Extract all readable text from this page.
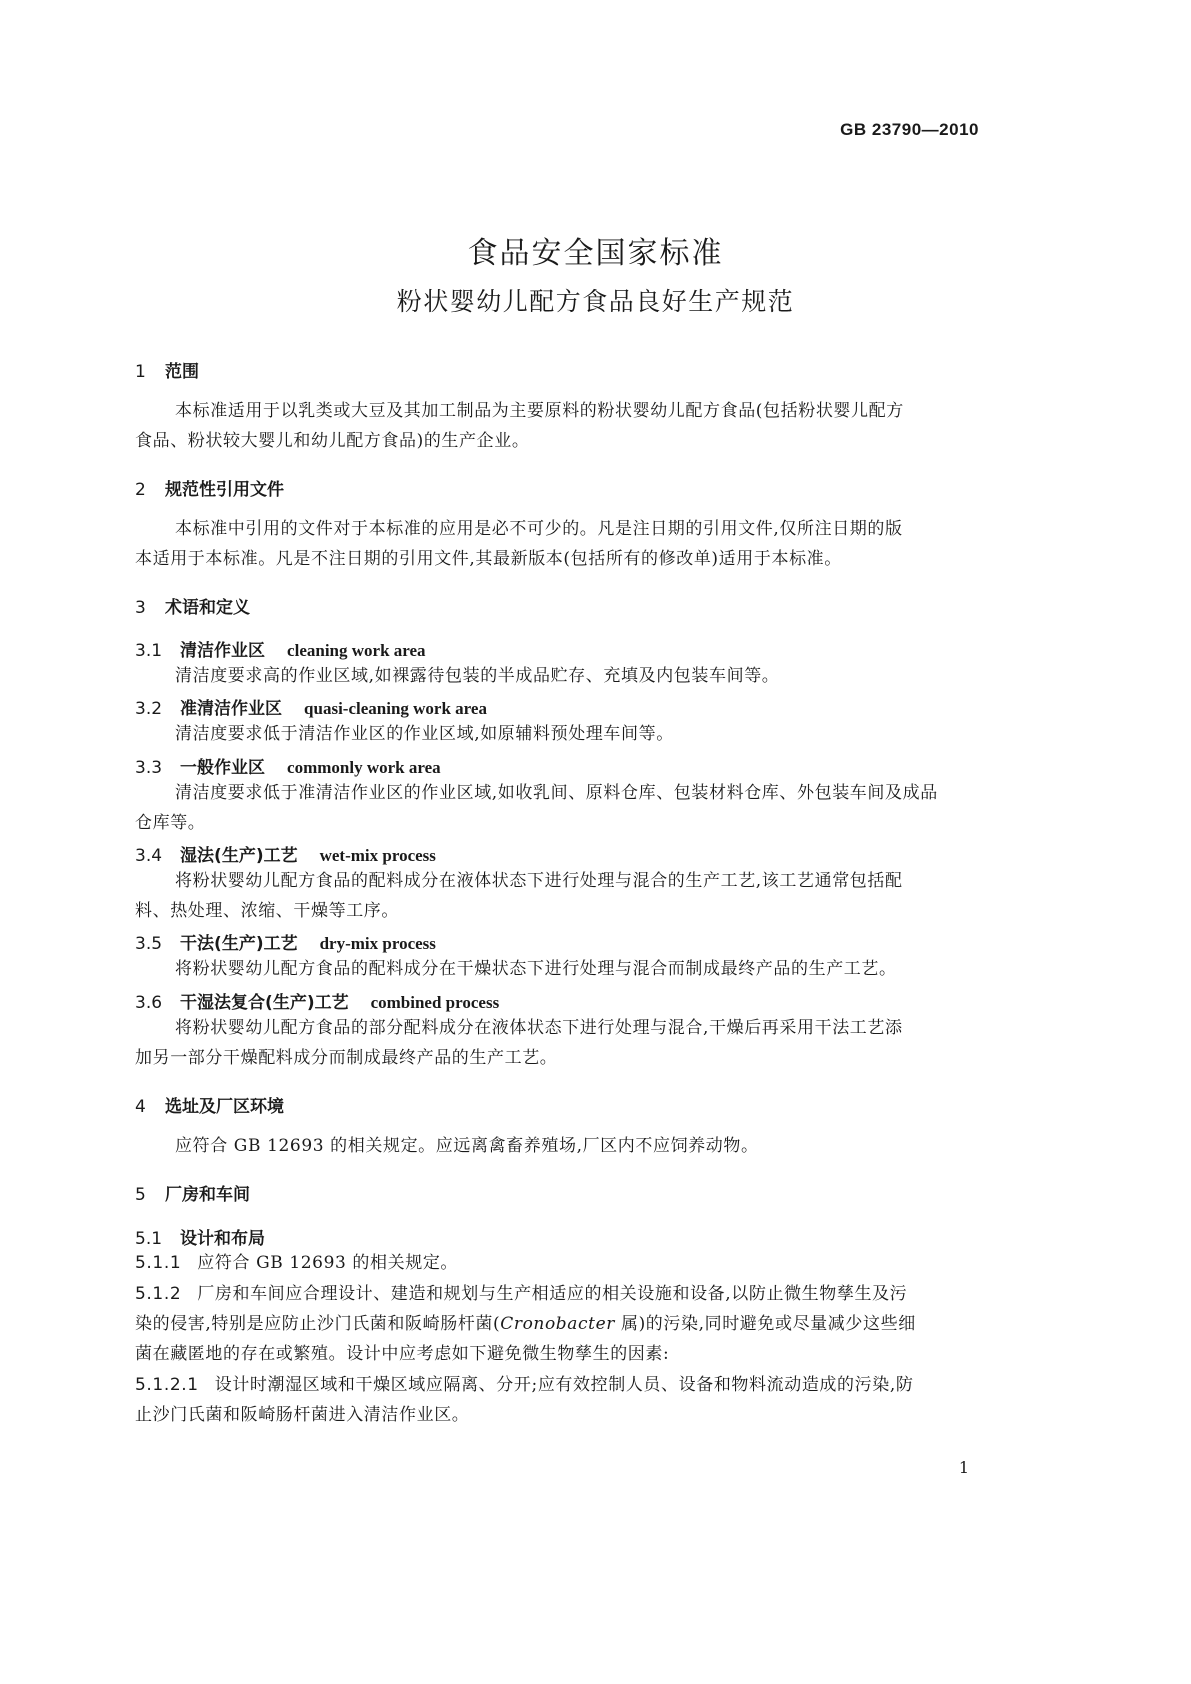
GB 23790—2010
食品安全国家标准
粉状婴幼儿配方食品良好生产规范
1 范围
本标准适用于以乳类或大豆及其加工制品为主要原料的粉状婴幼儿配方食品(包括粉状婴儿配方
食品、粉状较大婴儿和幼儿配方食品)的生产企业。
2 规范性引用文件
本标准中引用的文件对于本标准的应用是必不可少的。凡是注日期的引用文件,仅所注日期的版
本适用于本标准。凡是不注日期的引用文件,其最新版本(包括所有的修改单)适用于本标准。
3 术语和定义
3.1 清洁作业区 cleaning work area
清洁度要求高的作业区域,如裸露待包装的半成品贮存、充填及内包装车间等。
3.2 准清洁作业区 quasi-cleaning work area
清洁度要求低于清洁作业区的作业区域,如原辅料预处理车间等。
3.3 一般作业区 commonly work area
清洁度要求低于准清洁作业区的作业区域,如收乳间、原料仓库、包装材料仓库、外包装车间及成品
仓库等。
3.4 湿法(生产)工艺 wet-mix process
将粉状婴幼儿配方食品的配料成分在液体状态下进行处理与混合的生产工艺,该工艺通常包括配
料、热处理、浓缩、干燥等工序。
3.5 干法(生产)工艺 dry-mix process
将粉状婴幼儿配方食品的配料成分在干燥状态下进行处理与混合而制成最终产品的生产工艺。
3.6 干湿法复合(生产)工艺 combined process
将粉状婴幼儿配方食品的部分配料成分在液体状态下进行处理与混合,干燥后再采用干法工艺添
加另一部分干燥配料成分而制成最终产品的生产工艺。
4 选址及厂区环境
应符合 GB 12693 的相关规定。应远离禽畜养殖场,厂区内不应饲养动物。
5 厂房和车间
5.1 设计和布局
5.1.1 应符合 GB 12693 的相关规定。
5.1.2 厂房和车间应合理设计、建造和规划与生产相适应的相关设施和设备,以防止微生物孳生及污
染的侵害,特别是应防止沙门氏菌和阪崎肠杆菌(Cronobacter 属)的污染,同时避免或尽量减少这些细
菌在藏匿地的存在或繁殖。设计中应考虑如下避免微生物孳生的因素:
5.1.2.1 设计时潮湿区域和干燥区域应隔离、分开;应有效控制人员、设备和物料流动造成的污染,防
止沙门氏菌和阪崎肠杆菌进入清洁作业区。
1
